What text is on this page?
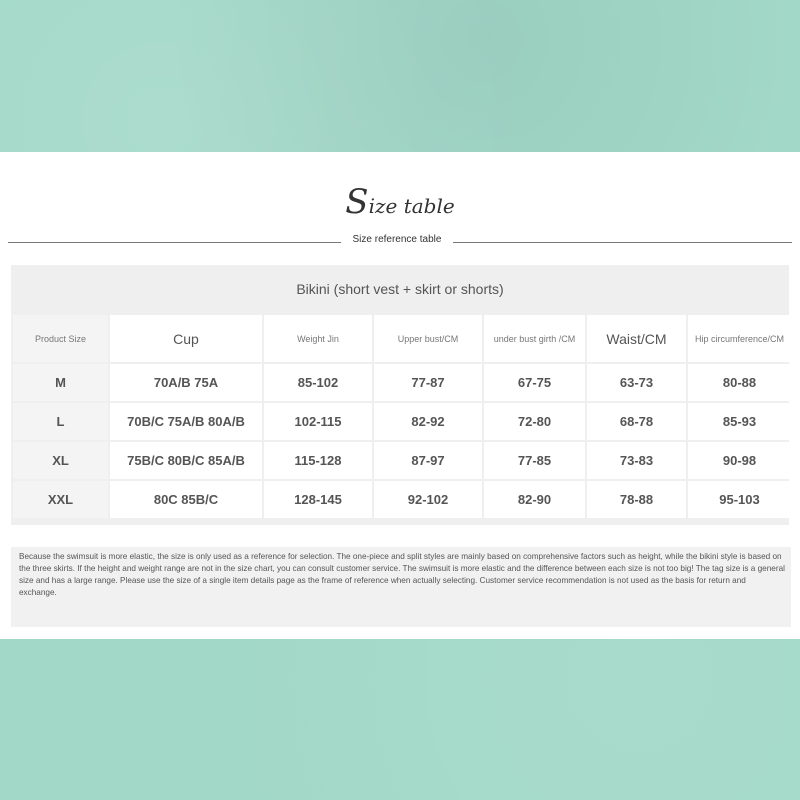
Size table
Size reference table
Bikini (short vest + skirt or shorts)
Product Size	Cup	Weight Jin	Upper bust/CM	under bust girth /CM	Waist/CM	Hip circumference/CM
M	70A/B 75A	85-102	77-87	67-75	63-73	80-88
L	70B/C 75A/B 80A/B	102-115	82-92	72-80	68-78	85-93
XL	75B/C 80B/C 85A/B	115-128	87-97	77-85	73-83	90-98
XXL	80C 85B/C	128-145	92-102	82-90	78-88	95-103

Because the swimsuit is more elastic, the size is only used as a reference for selection. The one-piece and split styles are mainly based on comprehensive factors such as height, while the bikini style is based on the three skirts. If the height and weight range are not in the size chart, you can consult customer service. The swimsuit is more elastic and the difference between each size is not too big! The tag size is a general size and has a large range. Please use the size of a single item details page as the frame of reference when actually selecting. Customer service recommendation is not used as the basis for return and exchange.
